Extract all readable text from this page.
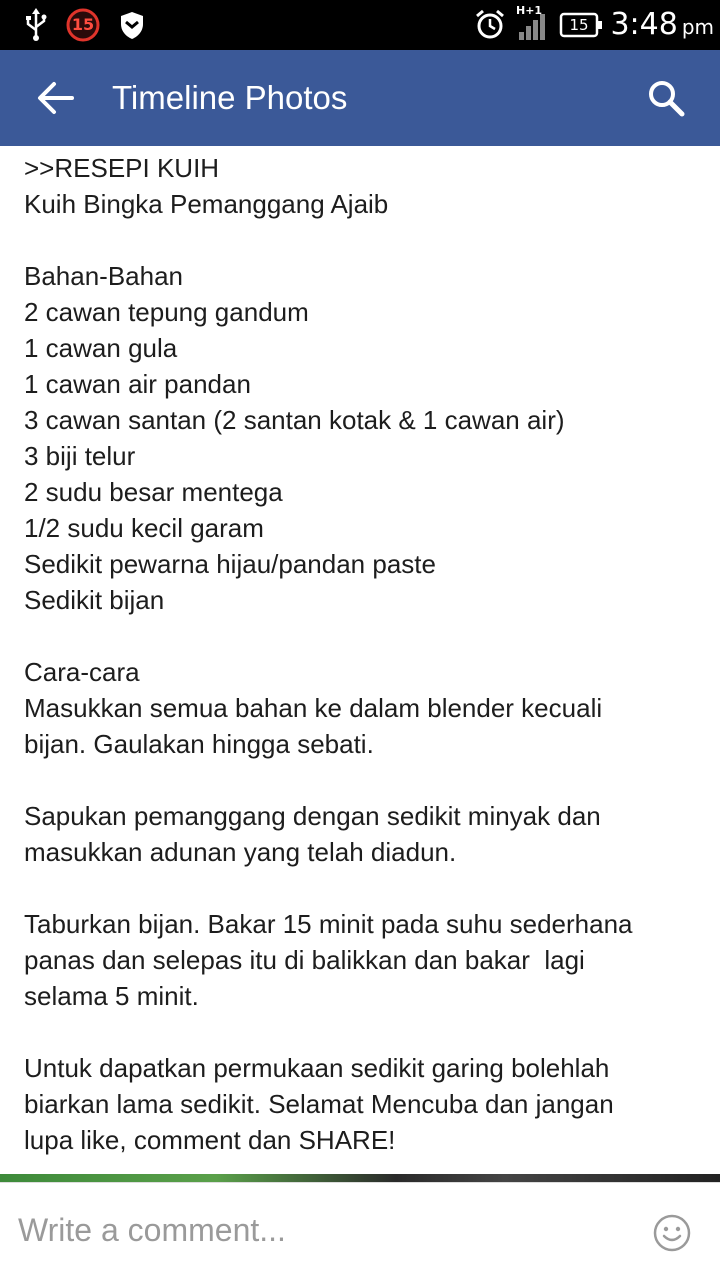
15
H+1
15 3:48 pm
Timeline Photos

>>RESEPI KUIH
Kuih Bingka Pemanggang Ajaib

Bahan-Bahan
2 cawan tepung gandum
1 cawan gula
1 cawan air pandan
3 cawan santan (2 santan kotak & 1 cawan air)
3 biji telur
2 sudu besar mentega
1/2 sudu kecil garam
Sedikit pewarna hijau/pandan paste
Sedikit bijan

Cara-cara
Masukkan semua bahan ke dalam blender kecuali
bijan. Gaulakan hingga sebati.

Sapukan pemanggang dengan sedikit minyak dan
masukkan adunan yang telah diadun.

Taburkan bijan. Bakar 15 minit pada suhu sederhana
panas dan selepas itu di balikkan dan bakar  lagi
selama 5 minit.

Untuk dapatkan permukaan sedikit garing bolehlah
biarkan lama sedikit. Selamat Mencuba dan jangan
lupa like, comment dan SHARE!

Write a comment...
